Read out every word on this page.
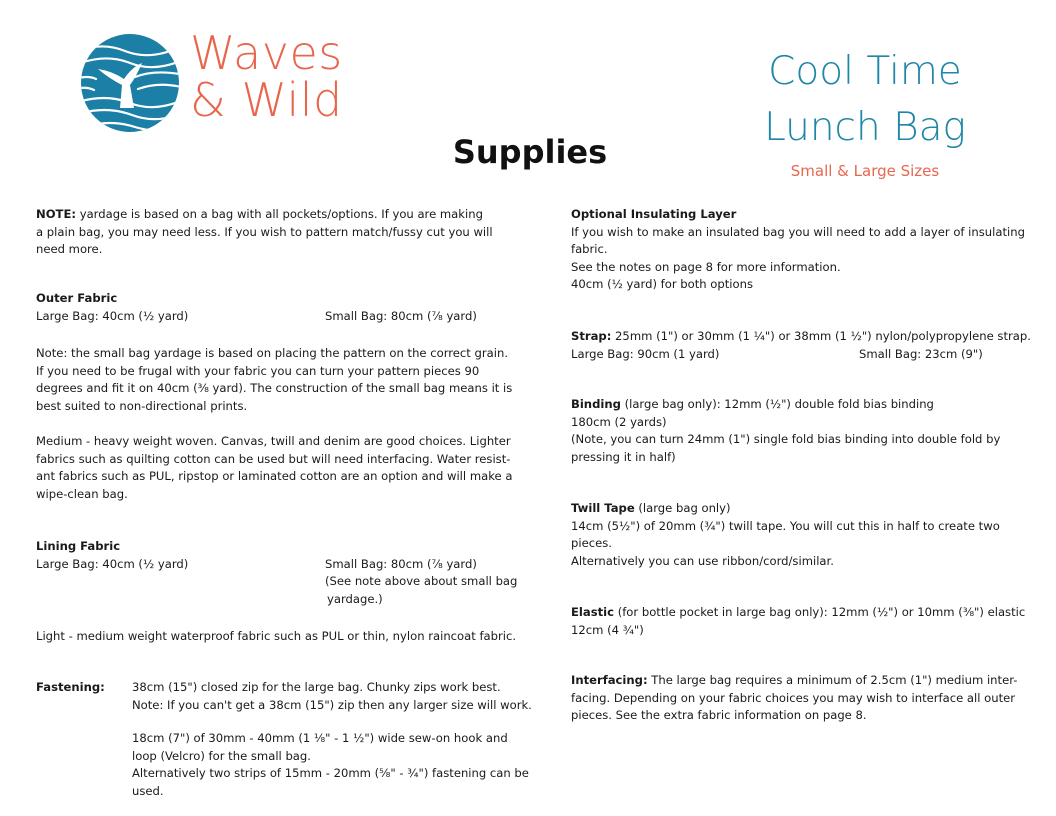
Waves
& Wild
Cool Time
Lunch Bag
Small & Large Sizes
Supplies

NOTE: yardage is based on a bag with all pockets/options. If you are making

a plain bag, you may need less. If you wish to pattern match/fussy cut you will

need more.

Outer Fabric

Large Bag: 40cm (½ yard)	Small Bag: 80cm (⅞ yard)

Note: the small bag yardage is based on placing the pattern on the correct grain.

If you need to be frugal with your fabric you can turn your pattern pieces 90

degrees and fit it on 40cm (⅜ yard). The construction of the small bag means it is

best suited to non-directional prints.

Medium - heavy weight woven. Canvas, twill and denim are good choices. Lighter

fabrics such as quilting cotton can be used but will need interfacing. Water resist-

ant fabrics such as PUL, ripstop or laminated cotton are an option and will make a

wipe-clean bag.

Lining Fabric

Large Bag: 40cm (½ yard)	Small Bag: 80cm (⅞ yard)

(See note above about small bag

yardage.)

Light - medium weight waterproof fabric such as PUL or thin, nylon raincoat fabric.
Fastening: 38cm (15") closed zip for the large bag. Chunky zips work best.

Note: If you can't get a 38cm (15") zip then any larger size will work.

18cm (7") of 30mm - 40mm (1 ⅛" - 1 ½") wide sew-on hook and

loop (Velcro) for the small bag.

Alternatively two strips of 15mm - 20mm (⅝" - ¾") fastening can be

used.

Optional Insulating Layer

If you wish to make an insulated bag you will need to add a layer of insulating

fabric.

See the notes on page 8 for more information.

40cm (½ yard) for both options

Strap: 25mm (1") or 30mm (1 ¼") or 38mm (1 ½") nylon/polypropylene strap.

Large Bag: 90cm (1 yard)	Small Bag: 23cm (9")

Binding (large bag only): 12mm (½") double fold bias binding

180cm (2 yards)

(Note, you can turn 24mm (1") single fold bias binding into double fold by

pressing it in half)

Twill Tape (large bag only)

14cm (5½") of 20mm (¾") twill tape. You will cut this in half to create two

pieces.

Alternatively you can use ribbon/cord/similar.

Elastic (for bottle pocket in large bag only): 12mm (½") or 10mm (⅜") elastic

12cm (4 ¾")

Interfacing: The large bag requires a minimum of 2.5cm (1") medium inter-

facing. Depending on your fabric choices you may wish to interface all outer

pieces. See the extra fabric information on page 8.
